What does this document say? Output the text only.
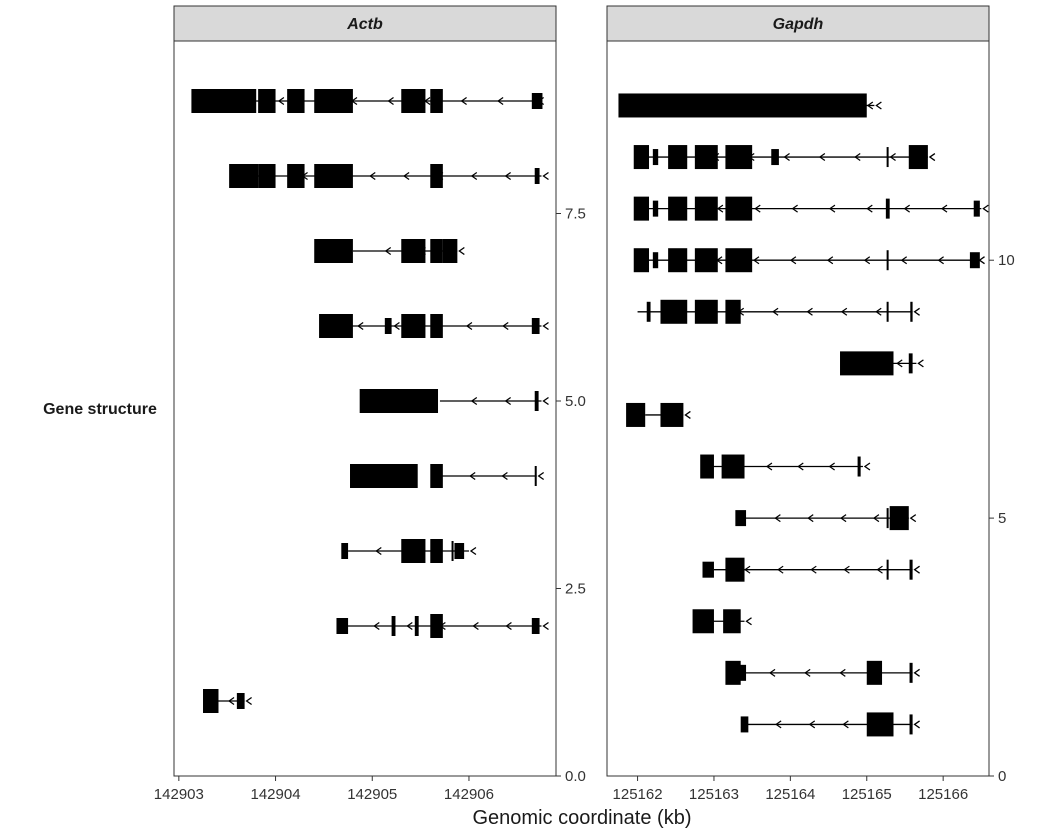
Gene structure
Actb
0.0
2.5
5.0
7.5
142903	142904	142905	142906
Gapdh
0
5
10
125162 125163 125164 125165 125166
Genomic coordinate (kb)
